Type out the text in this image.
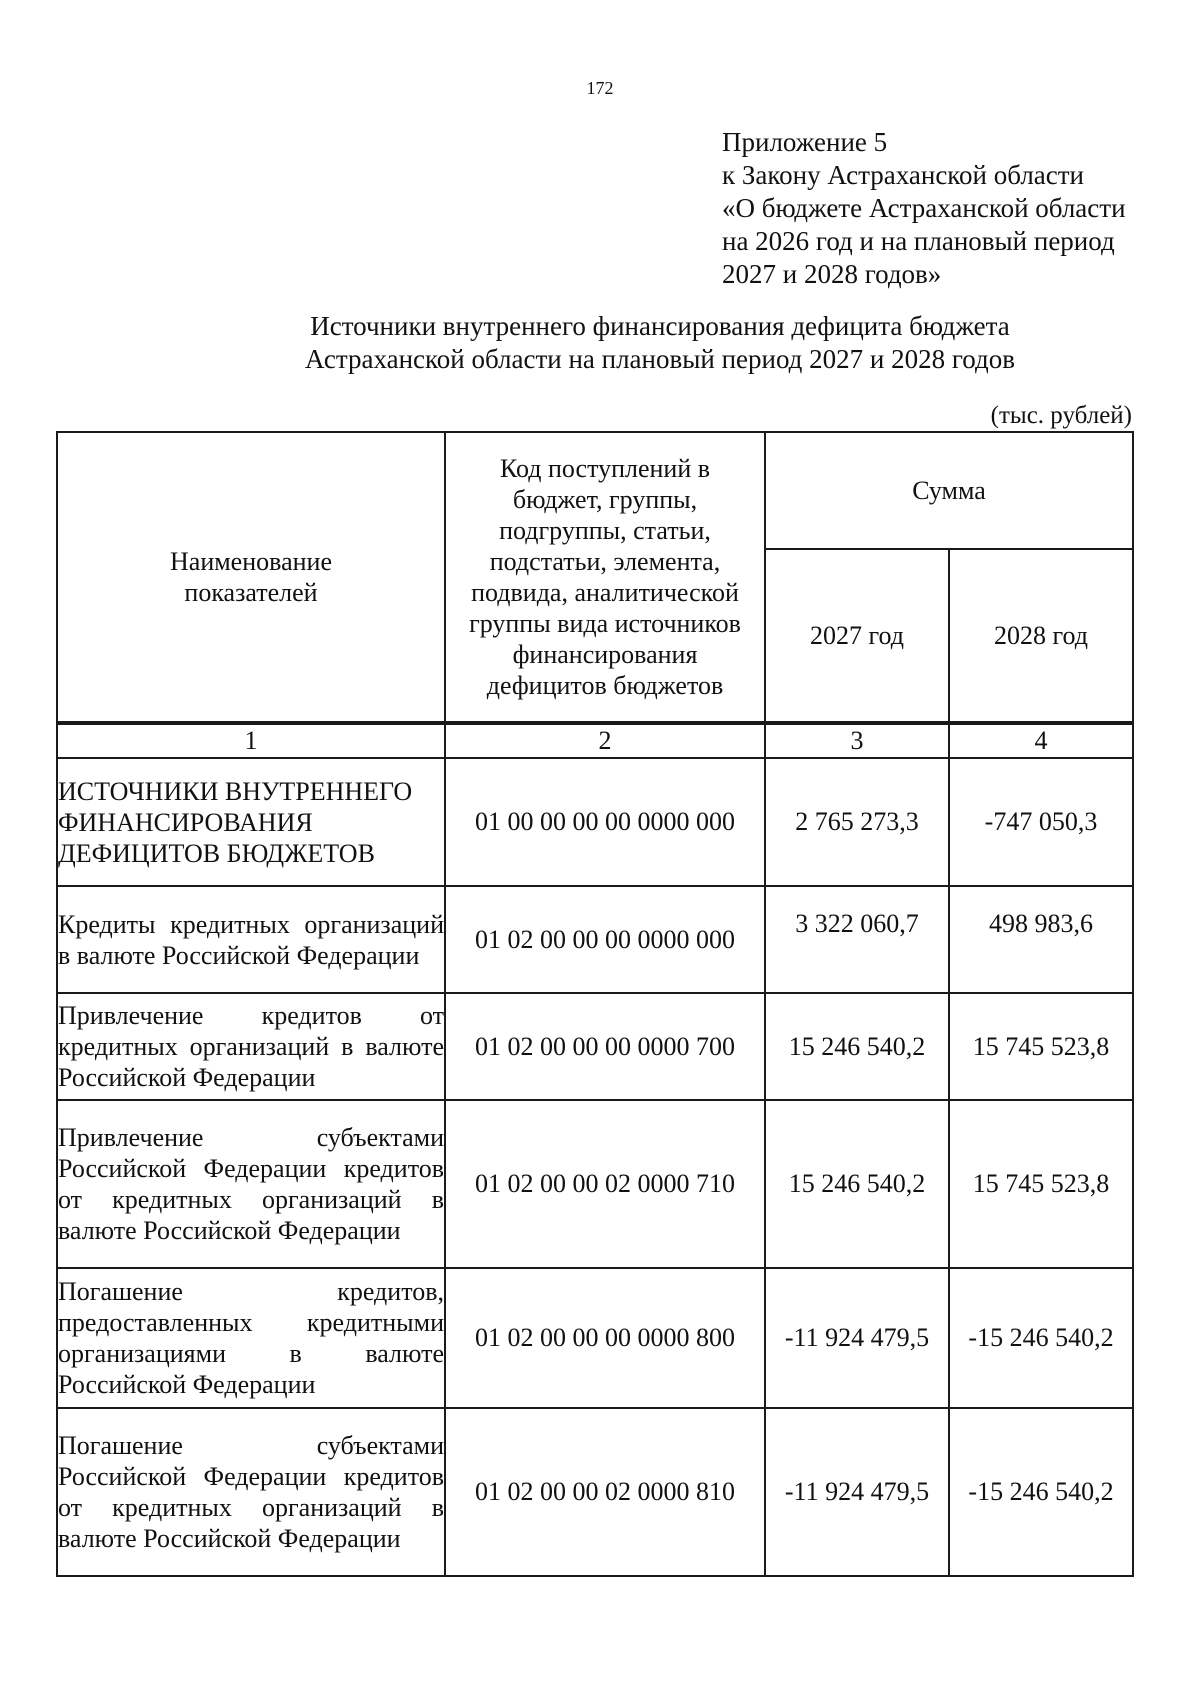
172
Приложение 5
к Закону Астраханской области
«О бюджете Астраханской области
на 2026 год и на плановый период
2027 и 2028 годов»
Источники внутреннего финансирования дефицита бюджета
Астраханской области на плановый период 2027 и 2028 годов
(тыс. рублей)
Наименование показателей	Код поступлений в бюджет, группы, подгруппы, статьи, подстатьи, элемента, подвида, аналитической группы вида источников финансирования дефицитов бюджетов	Сумма	
		2027 год	2028 год
1	2	3	4
ИСТОЧНИКИ ВНУТРЕННЕГО ФИНАНСИРОВАНИЯ ДЕФИЦИТОВ БЮДЖЕТОВ	01 00 00 00 00 0000 000	2 765 273,3	-747 050,3
Кредиты кредитных организаций в валюте Российской Федерации	01 02 00 00 00 0000 000	3 322 060,7	498 983,6
Привлечение кредитов от кредитных организаций в валюте Российской Федерации	01 02 00 00 00 0000 700	15 246 540,2	15 745 523,8
Привлечение субъектами Российской Федерации кредитов от кредитных организаций в валюте Российской Федерации	01 02 00 00 02 0000 710	15 246 540,2	15 745 523,8
Погашение кредитов, предоставленных кредитными организациями в валюте Российской Федерации	01 02 00 00 00 0000 800	-11 924 479,5	-15 246 540,2
Погашение субъектами Российской Федерации кредитов от кредитных организаций в валюте Российской Федерации	01 02 00 00 02 0000 810	-11 924 479,5	-15 246 540,2
